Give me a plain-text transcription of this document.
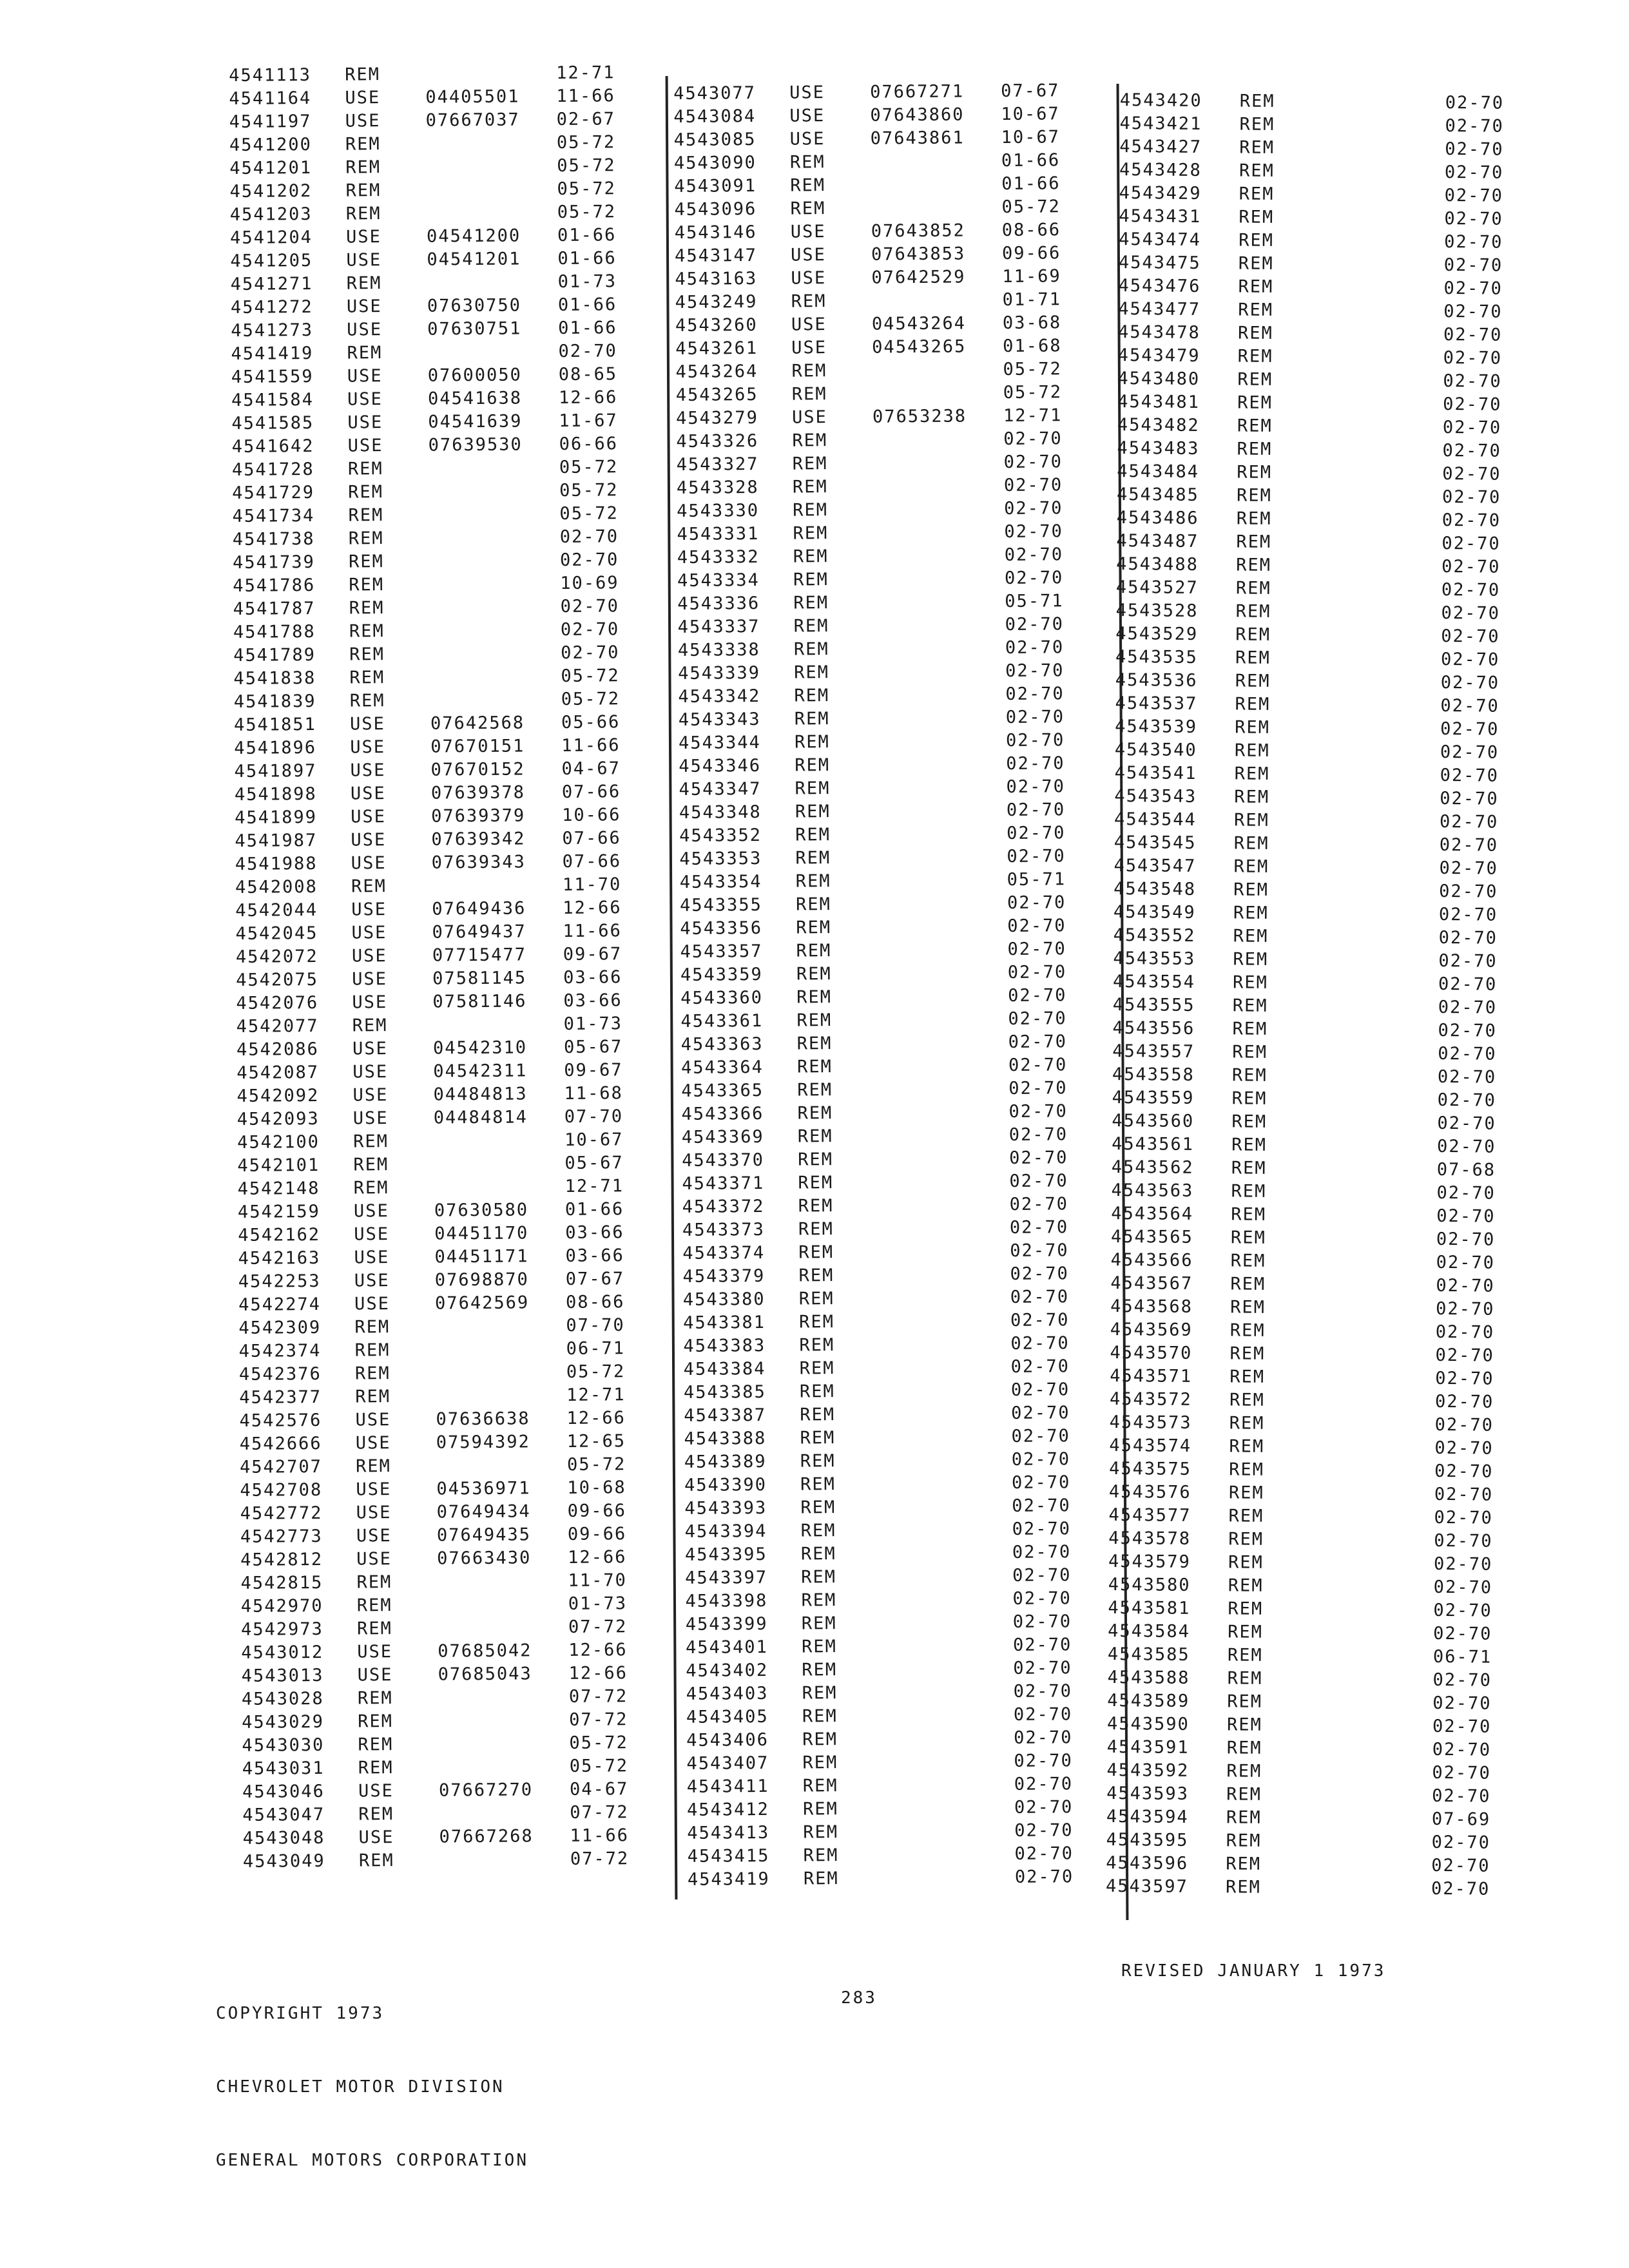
4541113 REM	12-71
4541164 USE	04405501 11-66
4541197 USE	07667037 02-67
4541200 REM	05-72
4541201 REM	05-72
4541202 REM	05-72
4541203 REM	05-72
4541204 USE	04541200 01-66
4541205 USE	04541201 01-66
4541271 REM	01-73
4541272 USE	07630750 01-66
4541273 USE	07630751 01-66
4541419 REM	02-70
4541559 USE	07600050 08-65
4541584 USE	04541638 12-66
4541585 USE	04541639 11-67
4541642 USE	07639530 06-66
4541728 REM	05-72
4541729 REM	05-72
4541734 REM	05-72
4541738 REM	02-70
4541739 REM	02-70
4541786 REM	10-69
4541787 REM	02-70
4541788 REM	02-70
4541789 REM	02-70
4541838 REM	05-72
4541839 REM	05-72
4541851 USE	07642568 05-66
4541896 USE	07670151 11-66
4541897 USE	07670152 04-67
4541898 USE	07639378 07-66
4541899 USE	07639379 10-66
4541987 USE	07639342 07-66
4541988 USE	07639343 07-66
4542008 REM	11-70
4542044 USE	07649436 12-66
4542045 USE	07649437 11-66
4542072 USE	07715477 09-67
4542075 USE	07581145 03-66
4542076 USE	07581146 03-66
4542077 REM	01-73
4542086 USE	04542310 05-67
4542087 USE	04542311 09-67
4542092 USE	04484813 11-68
4542093 USE	04484814 07-70
4542100 REM	10-67
4542101 REM	05-67
4542148 REM	12-71
4542159 USE	07630580 01-66
4542162 USE	04451170 03-66
4542163 USE	04451171 03-66
4542253 USE	07698870 07-67
4542274 USE	07642569 08-66
4542309 REM	07-70
4542374 REM	06-71
4542376 REM	05-72
4542377 REM	12-71
4542576 USE	07636638 12-66
4542666 USE	07594392 12-65
4542707 REM	05-72
4542708 USE	04536971 10-68
4542772 USE	07649434 09-66
4542773 USE	07649435 09-66
4542812 USE	07663430 12-66
4542815 REM	11-70
4542970 REM	01-73
4542973 REM	07-72
4543012 USE	07685042 12-66
4543013 USE	07685043 12-66
4543028 REM	07-72
4543029 REM	07-72
4543030 REM	05-72
4543031 REM	05-72
4543046 USE	07667270 04-67
4543047 REM	07-72
4543048 USE	07667268 11-66
4543049 REM	07-72
4543077 USE	07667271 07-67
4543084 USE	07643860 10-67
4543085 USE	07643861 10-67
4543090 REM	01-66
4543091 REM	01-66
4543096 REM	05-72
4543146 USE	07643852 08-66
4543147 USE	07643853 09-66
4543163 USE	07642529 11-69
4543249 REM	01-71
4543260 USE	04543264 03-68
4543261 USE	04543265 01-68
4543264 REM	05-72
4543265 REM	05-72
4543279 USE	07653238 12-71
4543326 REM	02-70
4543327 REM	02-70
4543328 REM	02-70
4543330 REM	02-70
4543331 REM	02-70
4543332 REM	02-70
4543334 REM	02-70
4543336 REM	05-71
4543337 REM	02-70
4543338 REM	02-70
4543339 REM	02-70
4543342 REM	02-70
4543343 REM	02-70
4543344 REM	02-70
4543346 REM	02-70
4543347 REM	02-70
4543348 REM	02-70
4543352 REM	02-70
4543353 REM	02-70
4543354 REM	05-71
4543355 REM	02-70
4543356 REM	02-70
4543357 REM	02-70
4543359 REM	02-70
4543360 REM	02-70
4543361 REM	02-70
4543363 REM	02-70
4543364 REM	02-70
4543365 REM	02-70
4543366 REM	02-70
4543369 REM	02-70
4543370 REM	02-70
4543371 REM	02-70
4543372 REM	02-70
4543373 REM	02-70
4543374 REM	02-70
4543379 REM	02-70
4543380 REM	02-70
4543381 REM	02-70
4543383 REM	02-70
4543384 REM	02-70
4543385 REM	02-70
4543387 REM	02-70
4543388 REM	02-70
4543389 REM	02-70
4543390 REM	02-70
4543393 REM	02-70
4543394 REM	02-70
4543395 REM	02-70
4543397 REM	02-70
4543398 REM	02-70
4543399 REM	02-70
4543401 REM	02-70
4543402 REM	02-70
4543403 REM	02-70
4543405 REM	02-70
4543406 REM	02-70
4543407 REM	02-70
4543411 REM	02-70
4543412 REM	02-70
4543413 REM	02-70
4543415 REM	02-70
4543419 REM	02-70
4543420 REM	02-70
4543421 REM	02-70
4543427 REM	02-70
4543428 REM	02-70
4543429 REM	02-70
4543431 REM	02-70
4543474 REM	02-70
4543475 REM	02-70
4543476 REM	02-70
4543477 REM	02-70
4543478 REM	02-70
4543479 REM	02-70
4543480 REM	02-70
4543481 REM	02-70
4543482 REM	02-70
4543483 REM	02-70
4543484 REM	02-70
4543485 REM	02-70
4543486 REM	02-70
4543487 REM	02-70
4543488 REM	02-70
4543527 REM	02-70
4543528 REM	02-70
4543529 REM	02-70
4543535 REM	02-70
4543536 REM	02-70
4543537 REM	02-70
4543539 REM	02-70
4543540 REM	02-70
4543541 REM	02-70
4543543 REM	02-70
4543544 REM	02-70
4543545 REM	02-70
4543547 REM	02-70
4543548 REM	02-70
4543549 REM	02-70
4543552 REM	02-70
4543553 REM	02-70
4543554 REM	02-70
4543555 REM	02-70
4543556 REM	02-70
4543557 REM	02-70
4543558 REM	02-70
4543559 REM	02-70
4543560 REM	02-70
4543561 REM	02-70
4543562 REM	07-68
4543563 REM	02-70
4543564 REM	02-70
4543565 REM	02-70
4543566 REM	02-70
4543567 REM	02-70
4543568 REM	02-70
4543569 REM	02-70
4543570 REM	02-70
4543571 REM	02-70
4543572 REM	02-70
4543573 REM	02-70
4543574 REM	02-70
4543575 REM	02-70
4543576 REM	02-70
4543577 REM	02-70
4543578 REM	02-70
4543579 REM	02-70
4543580 REM	02-70
4543581 REM	02-70
4543584 REM	02-70
4543585 REM	06-71
4543588 REM	02-70
4543589 REM	02-70
4543590 REM	02-70
4543591 REM	02-70
4543592 REM	02-70
4543593 REM	02-70
4543594 REM	07-69
4543595 REM	02-70
4543596 REM	02-70
4543597 REM	02-70

COPYRIGHT 1973

CHEVROLET MOTOR DIVISION

GENERAL MOTORS CORPORATION

283
REVISED JANUARY 1 1973
